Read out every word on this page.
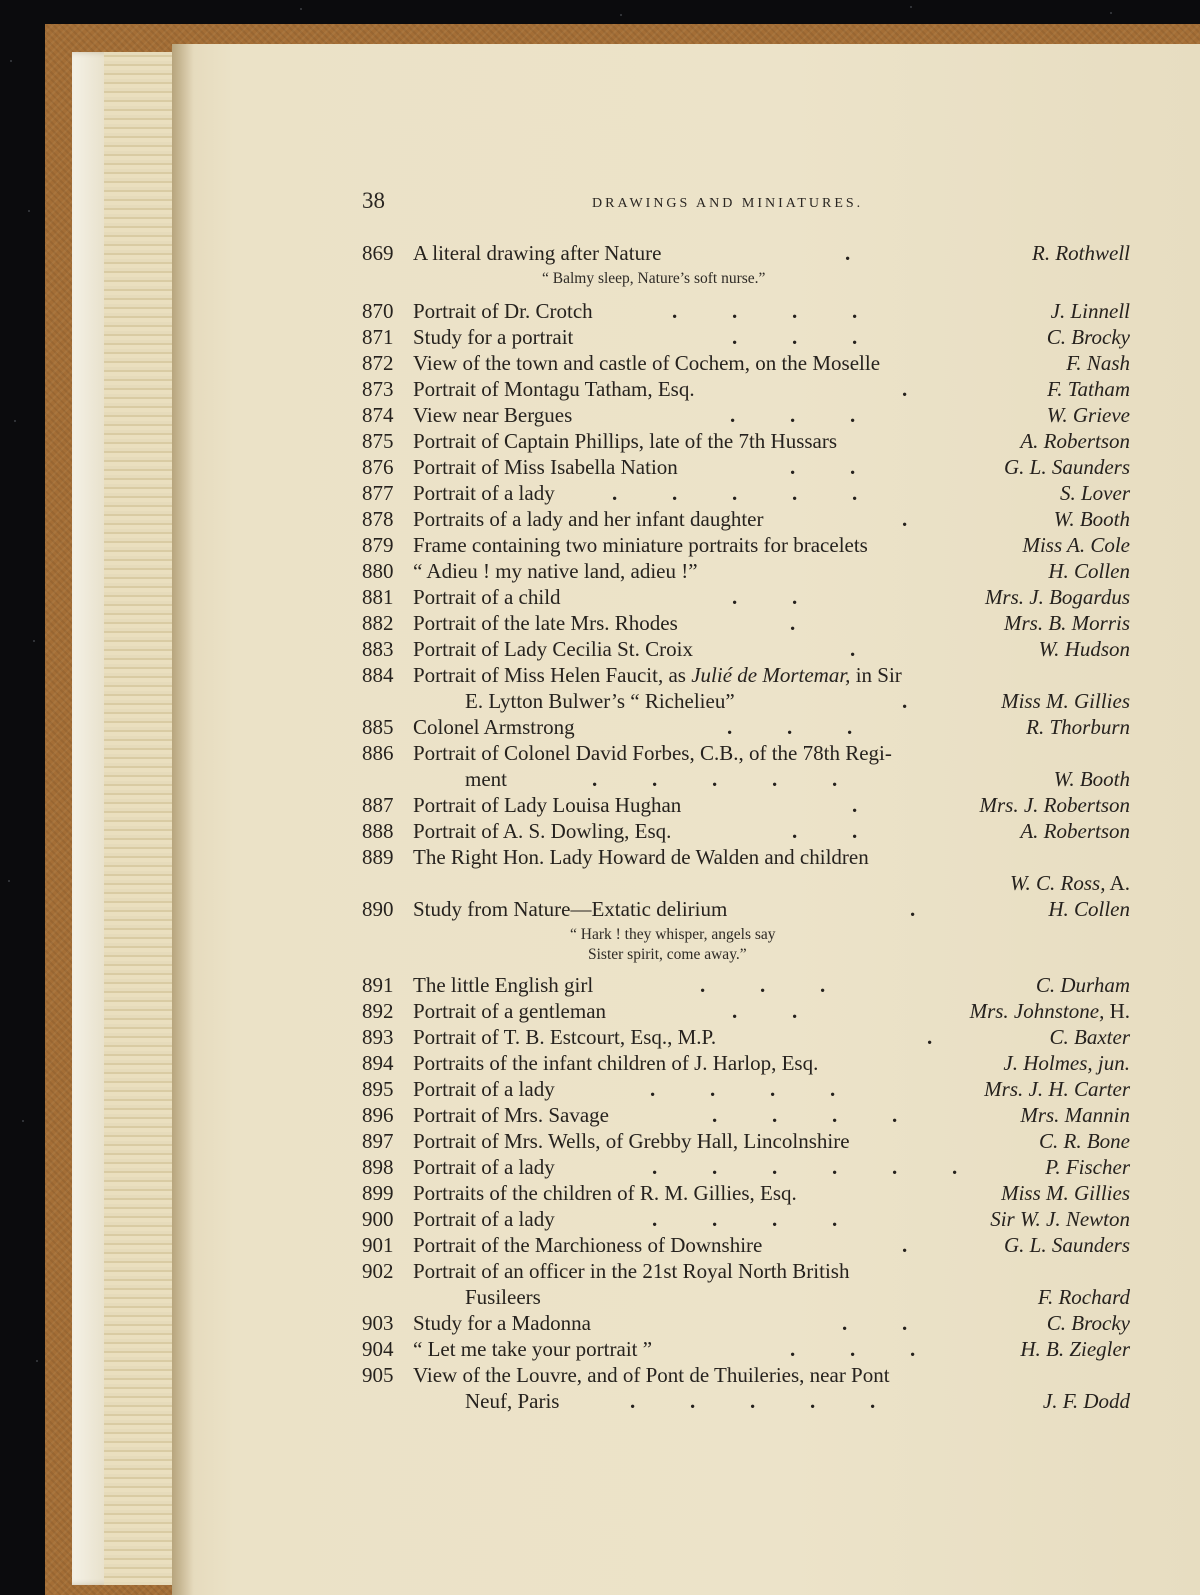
38	DRAWINGS AND MINIATURES.
869 A literal drawing after Nature	.	R. Rothwell
“ Balmy sleep, Nature’s soft nurse.”
870 Portrait of Dr. Crotch	.	.	.	.	J. Linnell
871 Study for a portrait	.	.	.	C. Brocky
872 View of the town and castle of Cochem, on the Moselle	F. Nash
873 Portrait of Montagu Tatham, Esq.	.	F. Tatham
874 View near Bergues	.	.	.	W. Grieve
875 Portrait of Captain Phillips, late of the 7th Hussars	A. Robertson
876 Portrait of Miss Isabella Nation	.	.	G. L. Saunders
877 Portrait of a lady	.	.	.	.	.	S. Lover
878 Portraits of a lady and her infant daughter	.	W. Booth
879 Frame containing two miniature portraits for bracelets	Miss A. Cole
880 “ Adieu ! my native land, adieu !”	H. Collen
881 Portrait of a child	.	.	Mrs. J. Bogardus
882 Portrait of the late Mrs. Rhodes	.	Mrs. B. Morris
883 Portrait of Lady Cecilia St. Croix	.	W. Hudson
884 Portrait of Miss Helen Faucit, as Julié de Mortemar, in Sir
E. Lytton Bulwer’s “ Richelieu”	.	Miss M. Gillies
885 Colonel Armstrong	.	.	.	R. Thorburn
886 Portrait of Colonel David Forbes, C.B., of the 78th Regi-
ment	.	.	.	.	.	W. Booth
887 Portrait of Lady Louisa Hughan	.	Mrs. J. Robertson
888 Portrait of A. S. Dowling, Esq.	.	.	A. Robertson
889 The Right Hon. Lady Howard de Walden and children
W. C. Ross, A.
890 Study from Nature—Extatic delirium	.	H. Collen
“ Hark ! they whisper, angels say
Sister spirit, come away.”
891 The little English girl	.	.	.	C. Durham
892 Portrait of a gentleman	.	.	Mrs. Johnstone, H.
893 Portrait of T. B. Estcourt, Esq., M.P.	.	C. Baxter
894 Portraits of the infant children of J. Harlop, Esq.	J. Holmes, jun.
895 Portrait of a lady	.	.	.	.	Mrs. J. H. Carter
896 Portrait of Mrs. Savage	.	.	.	.	Mrs. Mannin
897 Portrait of Mrs. Wells, of Grebby Hall, Lincolnshire	C. R. Bone
898 Portrait of a lady	.	.	.	.	.	.	P. Fischer
899 Portraits of the children of R. M. Gillies, Esq.	Miss M. Gillies
900 Portrait of a lady	.	.	.	.	Sir W. J. Newton
901 Portrait of the Marchioness of Downshire	.	G. L. Saunders
902 Portrait of an officer in the 21st Royal North British
Fusileers	F. Rochard
903 Study for a Madonna	.	.	C. Brocky
904 “ Let me take your portrait ”	.	.	.	H. B. Ziegler
905 View of the Louvre, and of Pont de Thuileries, near Pont
Neuf, Paris	.	.	.	.	.	J. F. Dodd
